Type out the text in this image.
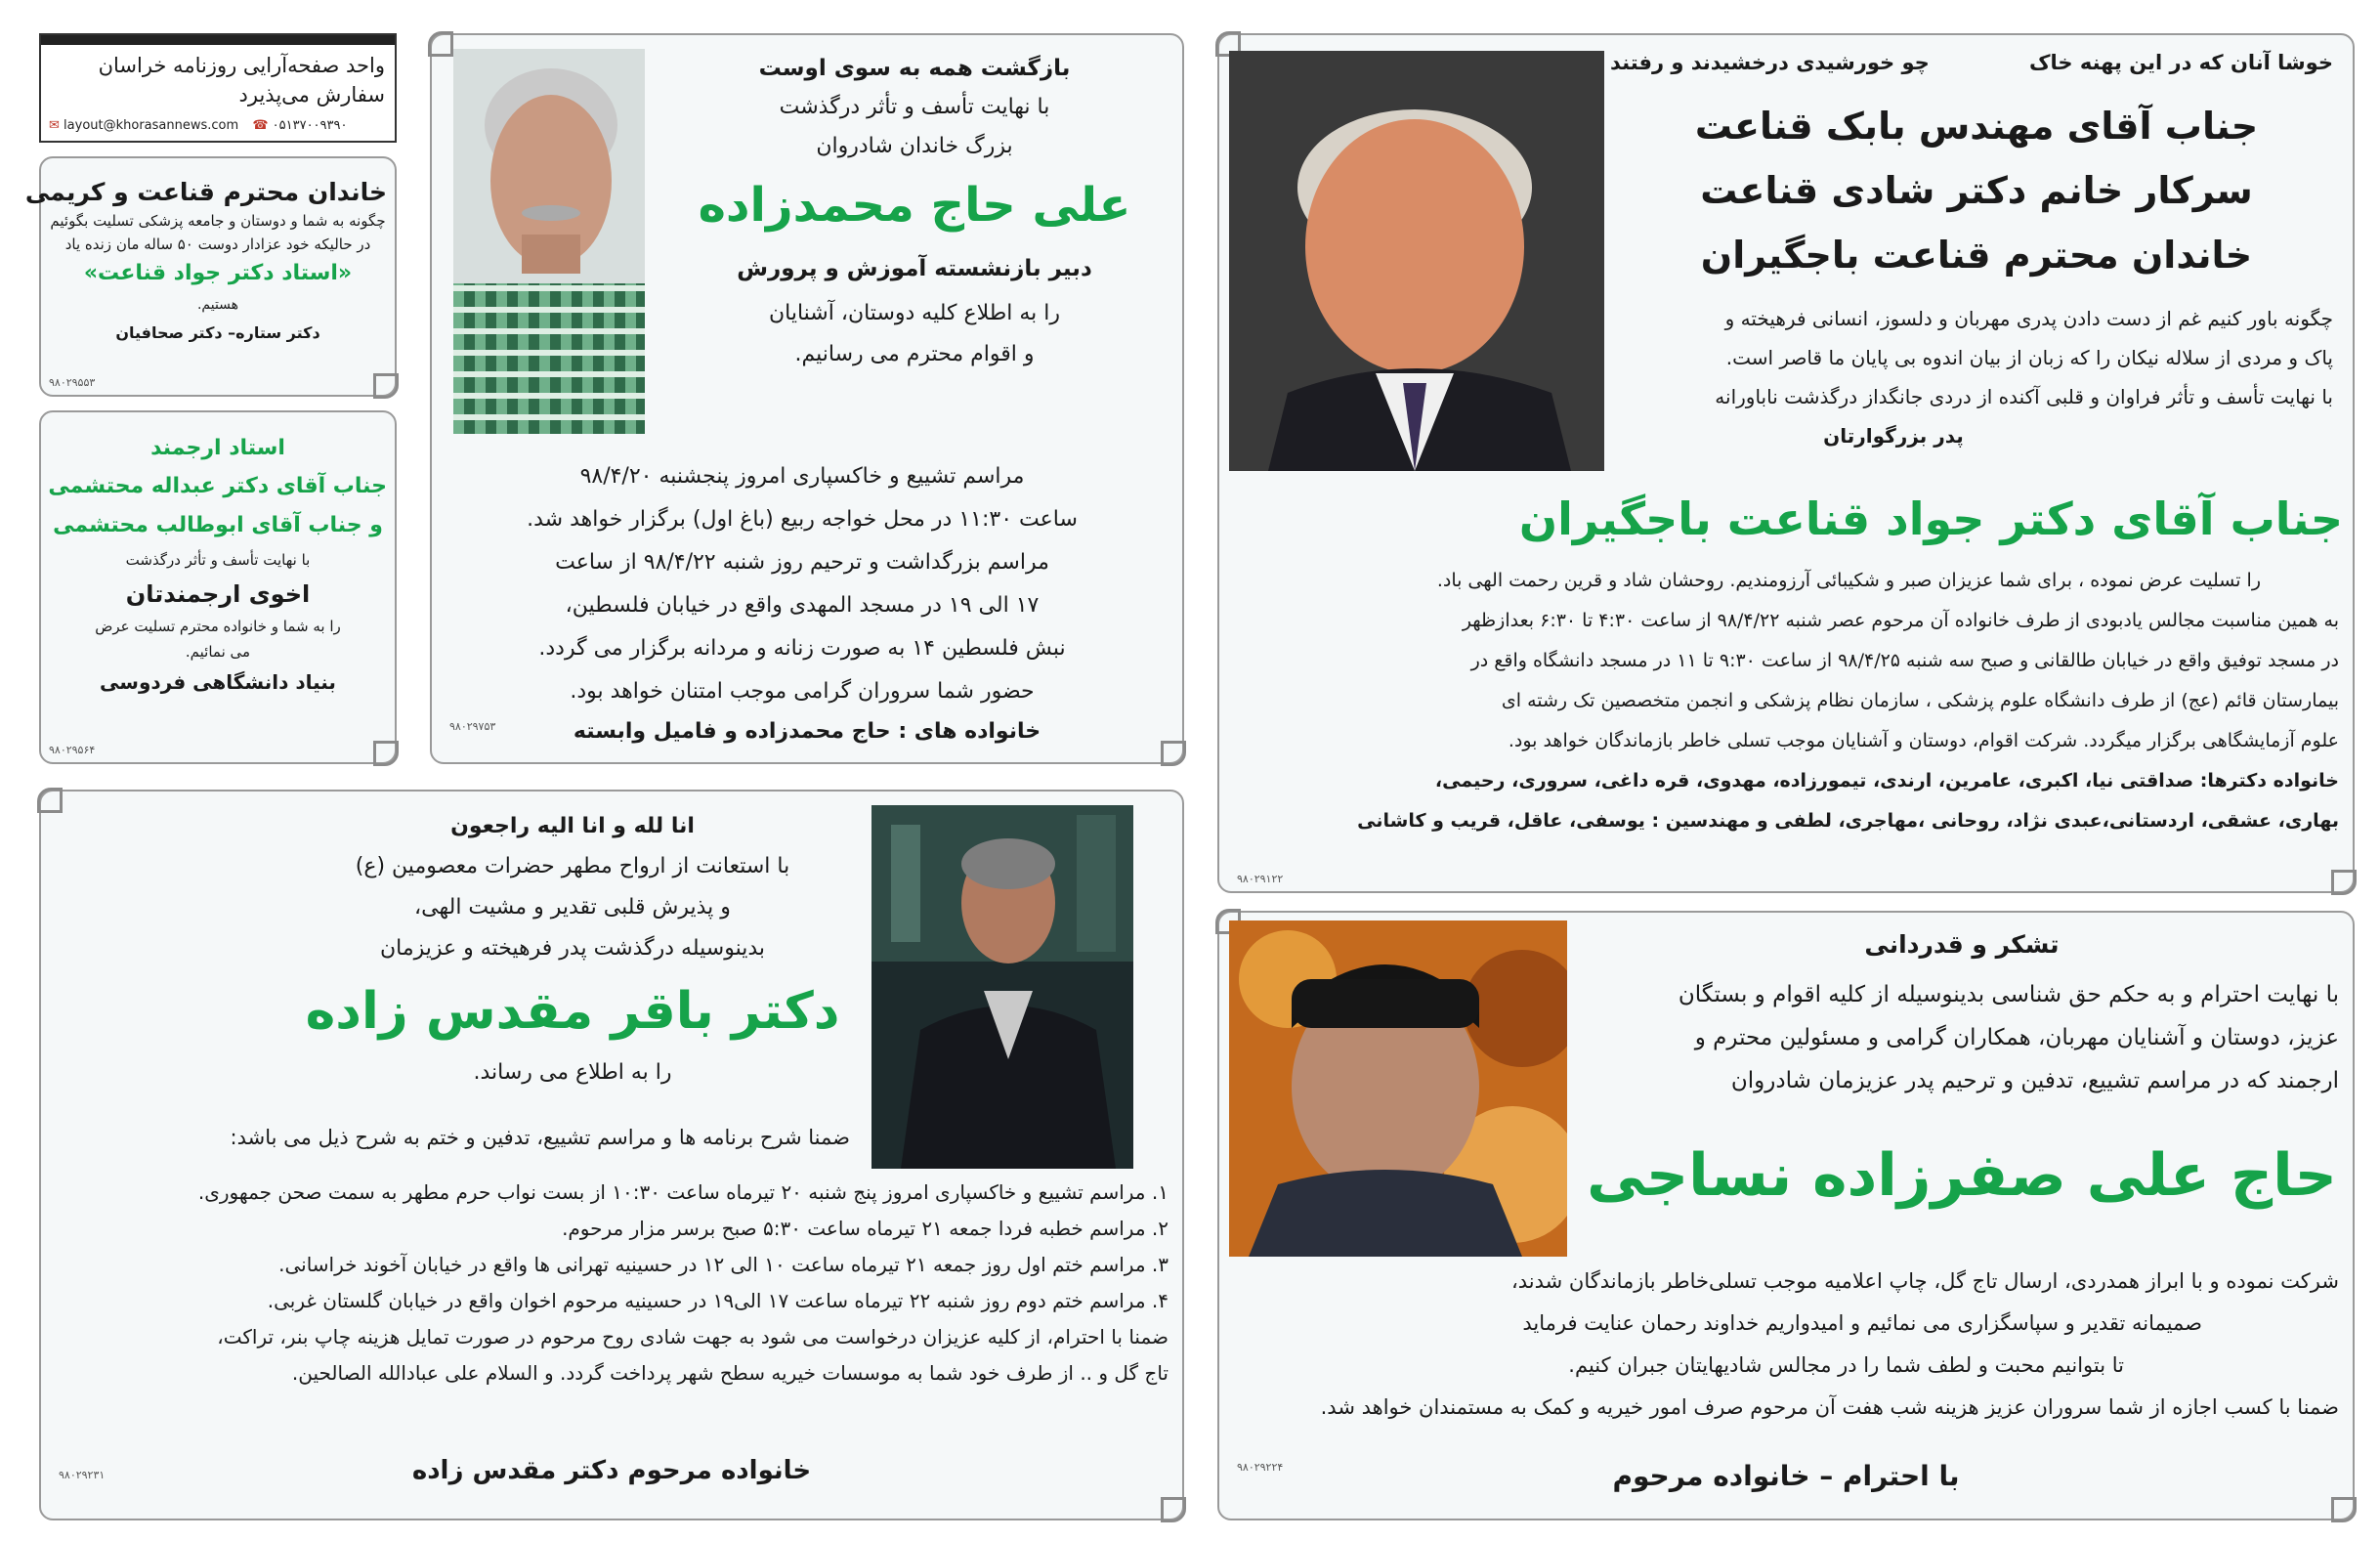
واحد صفحه‌آرایی روزنامه خراسان
سفارش می‌پذیرد
✉ layout@khorasannews.com ☎ ۰۵۱۳۷۰۰۹۳۹۰
خاندان محترم قناعت و کریمی
چگونه به شما و دوستان و جامعه پزشکی تسلیت بگوئیم
در حالیکه خود عزادار دوست ۵۰ ساله مان زنده یاد
«استاد دکتر جواد قناعت»
هستیم.
دکتر ستاره– دکتر صحافیان
۹۸۰۲۹۵۵۳
استاد ارجمند
جناب آقای دکتر عبداله محتشمی
و جناب آقای ابوطالب محتشمی
با نهایت تأسف و تأثر درگذشت
اخوی ارجمندتان
را به شما و خانواده محترم تسلیت عرض
می نمائیم.
بنیاد دانشگاهی فردوسی
۹۸۰۲۹۵۶۴
بازگشت همه به سوی اوست
با نهایت تأسف و تأثر درگذشت
بزرگ خاندان شادروان
علی حاج محمدزاده
دبیر بازنشسته آموزش و پرورش
را به اطلاع کلیه دوستان، آشنایان
و اقوام محترم می رسانیم.
مراسم تشییع و خاکسپاری امروز پنجشنبه ۹۸/۴/۲۰
ساعت ۱۱:۳۰ در محل خواجه ربیع (باغ اول) برگزار خواهد شد.
مراسم بزرگداشت و ترحیم روز شنبه ۹۸/۴/۲۲ از ساعت
۱۷ الی ۱۹ در مسجد المهدی واقع در خیابان فلسطین،
نبش فلسطین ۱۴ به صورت زنانه و مردانه برگزار می گردد.
حضور شما سروران گرامی موجب امتنان خواهد بود.
خانواده های : حاج محمدزاده و فامیل وابسته
۹۸۰۲۹۷۵۳
خوشا آنان که در این پهنه خاک
چو خورشیدی درخشیدند و رفتند
جناب آقای مهندس بابک قناعت
سرکار خانم دکتر شادی قناعت
خاندان محترم قناعت باجگیران
چگونه باور کنیم غم از دست دادن پدری مهربان و دلسوز، انسانی فرهیخته و
پاک و مردی از سلاله نیکان را که زبان از بیان اندوه بی پایان ما قاصر است.
با نهایت تأسف و تأثر فراوان و قلبی آکنده از دردی جانگداز درگذشت ناباورانه
پدر بزرگوارتان
جناب آقای دکتر جواد قناعت باجگیران
را تسلیت عرض نموده ، برای شما عزیزان صبر و شکیبائی آرزومندیم. روحشان شاد و قرین رحمت الهی باد.
به همین مناسبت مجالس یادبودی از طرف خانواده آن مرحوم عصر شنبه ۹۸/۴/۲۲ از ساعت ۴:۳۰ تا ۶:۳۰ بعدازظهر
در مسجد توفیق واقع در خیابان طالقانی و صبح سه شنبه ۹۸/۴/۲۵ از ساعت ۹:۳۰ تا ۱۱ در مسجد دانشگاه واقع در
بیمارستان قائم (عج) از طرف دانشگاه علوم پزشکی ، سازمان نظام پزشکی و انجمن متخصصین تک رشته ای
علوم آزمایشگاهی برگزار میگردد. شرکت اقوام، دوستان و آشنایان موجب تسلی خاطر بازماندگان خواهد بود.
خانواده دکترها: صداقتی نیا، اکبری، عامرین، ارندی، تیمورزاده، مهدوی، قره داغی، سروری، رحیمی،
بهاری، عشقی، اردستانی،عبدی نژاد، روحانی ،مهاجری، لطفی و مهندسین : یوسفی، عاقل، قریب و کاشانی
۹۸۰۲۹۱۲۲
انا لله و انا الیه راجعون
با استعانت از ارواح مطهر حضرات معصومین (ع)
و پذیرش قلبی تقدیر و مشیت الهی،
بدینوسیله درگذشت پدر فرهیخته و عزیزمان
دکتر باقر مقدس زاده
را به اطلاع می رساند.
ضمنا شرح برنامه ها و مراسم تشییع، تدفین و ختم به شرح ذیل می باشد:
۱. مراسم تشییع و خاکسپاری امروز پنج شنبه ۲۰ تیرماه ساعت ۱۰:۳۰ از بست نواب حرم مطهر به سمت صحن جمهوری.
۲. مراسم خطبه فردا جمعه ۲۱ تیرماه ساعت ۵:۳۰ صبح برسر مزار مرحوم.
۳. مراسم ختم اول روز جمعه ۲۱ تیرماه ساعت ۱۰ الی ۱۲ در حسینیه تهرانی ها واقع در خیابان آخوند خراسانی.
۴. مراسم ختم دوم روز شنبه ۲۲ تیرماه ساعت ۱۷ الی۱۹ در حسینیه مرحوم اخوان واقع در خیابان گلستان غربی.
ضمنا با احترام، از کلیه عزیزان درخواست می شود به جهت شادی روح مرحوم در صورت تمایل هزینه چاپ بنر، تراکت،
تاج گل و .. از طرف خود شما به موسسات خیریه سطح شهر پرداخت گردد. و السلام علی عبادالله الصالحین.
خانواده مرحوم دکتر مقدس زاده
۹۸۰۲۹۲۳۱
تشکر و قدردانی
با نهایت احترام و به حکم حق شناسی بدینوسیله از کلیه اقوام و بستگان
عزیز، دوستان و آشنایان مهربان، همکاران گرامی و مسئولین محترم و
ارجمند که در مراسم تشییع، تدفین و ترحیم پدر عزیزمان شادروان
حاج علی صفرزاده نساجی
شرکت نموده و با ابراز همدردی، ارسال تاج گل، چاپ اعلامیه موجب تسلی‌خاطر بازماندگان شدند،
صمیمانه تقدیر و سپاسگزاری می نمائیم و امیدواریم خداوند رحمان عنایت فرماید
تا بتوانیم محبت و لطف شما را در مجالس شادیهایتان جبران کنیم.
ضمنا با کسب اجازه از شما سروران عزیز هزینه شب هفت آن مرحوم صرف امور خیریه و کمک به مستمندان خواهد شد.
با احترام – خانواده مرحوم
۹۸۰۲۹۲۲۴
